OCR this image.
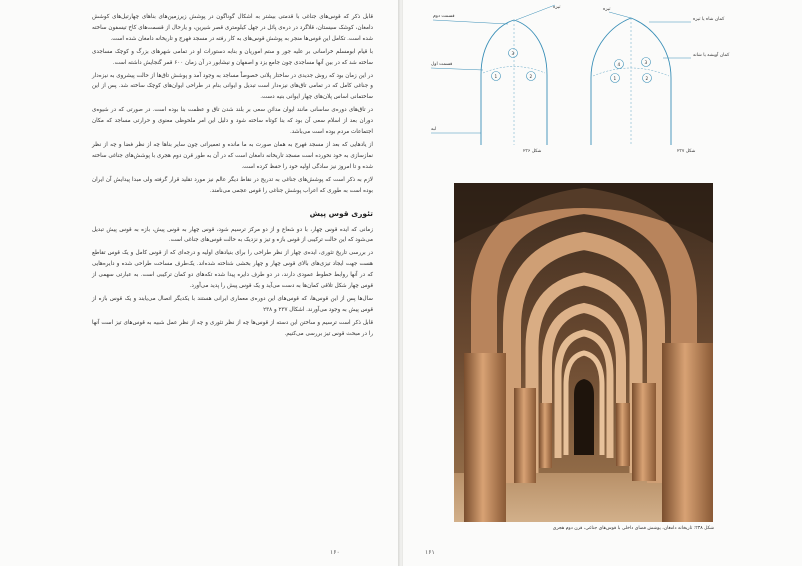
قابل ذکر که قوس‌های جناغی با قدمتی بیشتر به اشکال گوناگون در پوشش زیرزمین‌های بناهای چهارتیل‌های کوشش دامغان، کوشک سیستان، قلاگرد در دره‌ی پائل در جهل کیلومتری قصر شیرین، و یارحال از قسمت‌های کاخ تیسفون ساخته شده است. تکامل این قوس‌ها منجر به پوشش قوس‌های به کار رفته در مسجد فهرج و تاریخانه دامغان شده است.

با قیام ابومسلم خراسانی بر علیه جور و ستم اموریان و بنابه دستورات او در تمامی شهرهای بزرگ و کوچک مساجدی ساخته شد که در بین آنها مساجدی چون جامع یزد و اصفهان و نیشابور در آن زمان ۶۰۰ قمر گنجایش داشته است.

در این زمان بود که روش جدیدی در ساختار پلانی خصوصاً مساجد به وجود آمد و پوشش تاق‌ها از حالت پیشروی به نیزه‌دار و جناغی کامل که در تمامی تاق‌های نیزه‌دار است تبدیل و ایوانی بنام در طراحی ایوان‌های کوچک ساخته شد. پس از این ساختمانی اساس پلان‌های چهار ایوانی بنیه دست.

در تاق‌های دوره‌ی ساسانی مانند ایوان مدائن سعی بر بلند شدن تاق و عظمت بنا بوده است. در صورتی که در شیوه‌ی دوران بعد از اسلام سعی آن بود که بنا کوتاه ساخته شود و دلیل این امر ملحوظی معنوی و حرارتی مساجد که مکان اجتماعات مردم بوده است می‌باشد.

از یادهایی که بعد از مسجد فهرج به همان صورت به ما مانده و تعمیراتی چون سایر بناها چه از نظر فضا و چه از نظر نمازسازی به خود نخورده است مسجد تاریخانه دامغان است که در آن به طور قرن دوم هجری با پوشش‌های جناغی ساخته شده و تا امروز نیز سادگی اولیه خود را حفظ کرده است.

لازم به ذکر است که پوشش‌های جناغی به تدریج در نقاط دیگر عالم نیز مورد تقلید قرار گرفته ولی مبدا پیدایش آن ایران بوده است به طوری که اعراب پوشش جناغی را قوس عجمی می‌نامند.

تئوری قوس پیش

زمانی که ایده قوس چهار، با دو شعاع و از دو مرکز ترسیم شود، قوس چهار به قوس پیش، بازه به قوس پیش تبدیل می‌شود که این حالت ترکیبی از قوس بازه و تیز و نزدیک به حالت قوس‌های جناغی است.

در بررسی تاریخ تئوری، ایده‌ی چهار از نظر طراحی را برای بنیادهای اولیه و درجه‌ای که از قوس کامل و یک قوس تقاطع هست جهت ایجاد تیزی‌های بالای قوس چهار و چهار بخشی شناخته شده‌اند. یک‌طرف مساحت طراحی شده و دایره‌هایی که در آنها روابط خطوط عمودی دارند، در دو طرف دایره پیدا شده تکه‌های دو کمان ترکیبی است. به عبارتی سهمی از قوس چهار شکل تلاقی کمان‌ها به دست می‌آید و یک قوس پیش را پدید می‌آورد.

سال‌ها پس از این قوس‌ها، که قوس‌های این دوره‌ی معماری ایرانی هستند با یکدیگر اتصال می‌یابند و یک قوس بازه از قوس پیش به وجود می‌آورند. اشکال ۲۳۷ و ۲۳۸

قابل ذکر است ترسیم و ساختن این دسته از قوس‌ها چه از نظر تئوری و چه از نظر عمل شبیه به قوس‌های تیز است آنها را در مبحث قوس تیز بررسی می‌کنیم.

۱۶۰
قسمت دوم
قسمت اول
لبه
تیزه
3
1	2
شکل ۲۳۶
کمان شاه یا تیزه
کمان آویشه یا شانه
تیزه
4	3
1	2
شکل ۲۳۷
۱۶۱
شکل ۲۳۸: تاریخانه دامغان، پوشش فضای داخلی با قوس‌های جناغی، قرن دوم هجری
